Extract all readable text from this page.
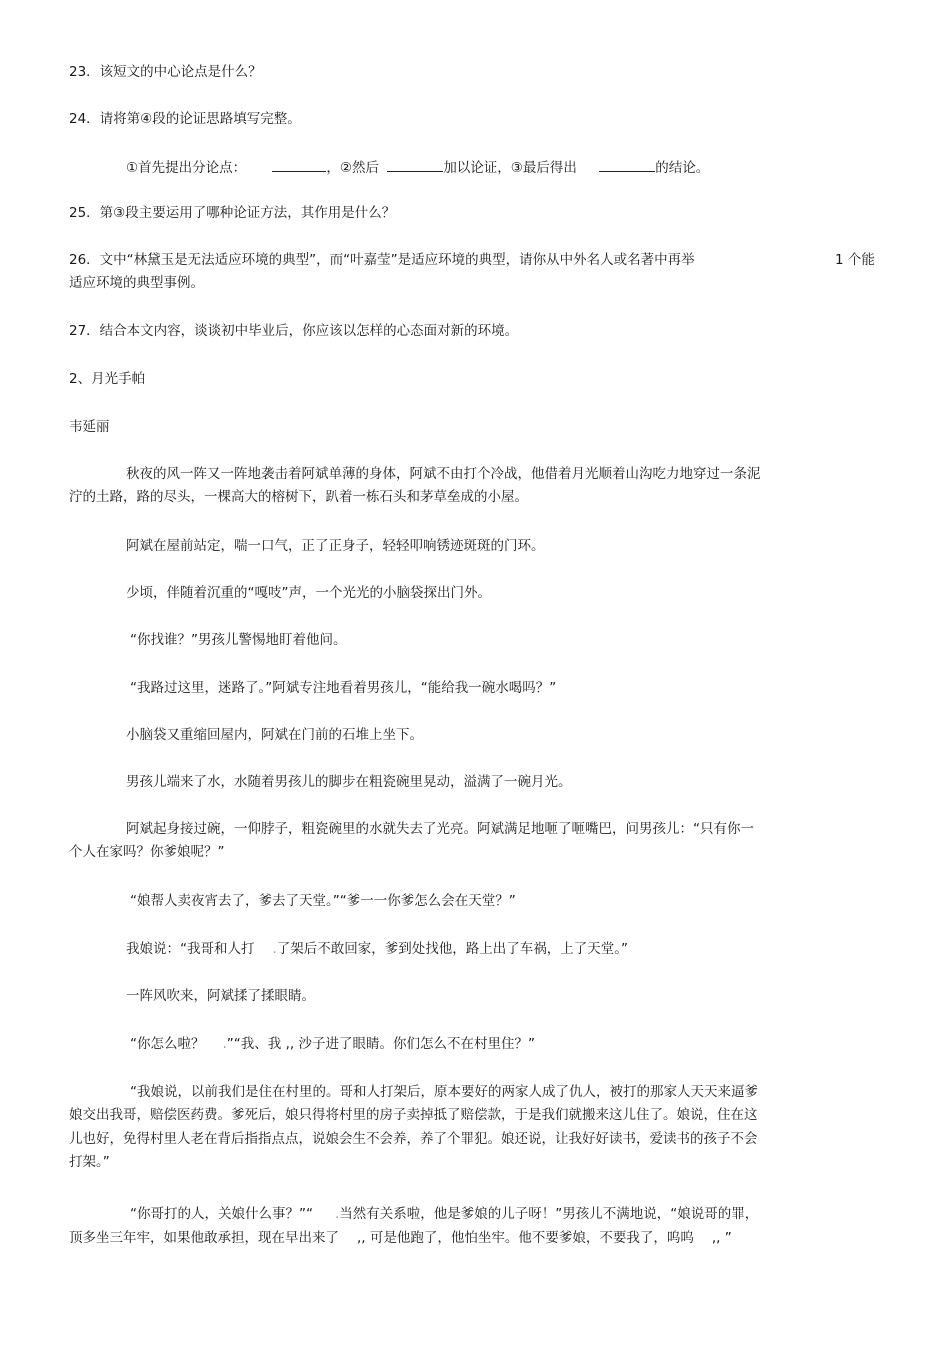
23．该短文的中心论点是什么？
24．请将第④段的论证思路填写完整。
①首先提出分论点：	，②然后	加以论证，③最后得出	的结论。
25．第③段主要运用了哪种论证方法，其作用是什么？
26．文中“林黛玉是无法适应环境的典型”，而“叶嘉莹”是适应环境的典型，请你从中外名人或名著中再举	1 个能
适应环境的典型事例。
27．结合本文内容，谈谈初中毕业后，你应该以怎样的心态面对新的环境。
2、月光手帕
韦延丽
秋夜的风一阵又一阵地袭击着阿斌单薄的身体，阿斌不由打个冷战，他借着月光顺着山沟吃力地穿过一条泥
泞的土路，路的尽头，一棵高大的榕树下，趴着一栋石头和茅草垒成的小屋。
阿斌在屋前站定，喘一口气，正了正身子，轻轻叩响锈迹斑斑的门环。
少顷，伴随着沉重的“嘎吱”声，一个光光的小脑袋探出门外。
“你找谁？”男孩儿警惕地盯着他问。
“我路过这里，迷路了。”阿斌专注地看着男孩儿，“能给我一碗水喝吗？”
小脑袋又重缩回屋内，阿斌在门前的石堆上坐下。
男孩儿端来了水，水随着男孩儿的脚步在粗瓷碗里晃动，溢满了一碗月光。
阿斌起身接过碗，一仰脖子，粗瓷碗里的水就失去了光亮。阿斌满足地咂了咂嘴巴，问男孩儿：“只有你一
个人在家吗？你爹娘呢？”
“娘帮人卖夜宵去了，爹去了天堂。”“爹一一你爹怎么会在天堂？”
我娘说：“我哥和人打 .了架后不敢回家，爹到处找他，路上出了车祸，上了天堂。”
一阵风吹来，阿斌揉了揉眼睛。
“你怎么啦？ .”“我、我 ,, 沙子进了眼睛。你们怎么不在村里住？”
“我娘说，以前我们是住在村里的。哥和人打架后，原本要好的两家人成了仇人，被打的那家人天天来逼爹
娘交出我哥，赔偿医药费。爹死后，娘只得将村里的房子卖掉抵了赔偿款，于是我们就搬来这儿住了。娘说，住在这
儿也好，免得村里人老在背后指指点点，说娘会生不会养，养了个罪犯。娘还说，让我好好读书，爱读书的孩子不会
打架。”
“你哥打的人，关娘什么事？”“ .当然有关系啦，他是爹娘的儿子呀！”男孩儿不满地说，“娘说哥的罪，
顶多坐三年牢，如果他敢承担，现在早出来了 ,, 可是他跑了，他怕坐牢。他不要爹娘，不要我了，呜呜 ,, ”
